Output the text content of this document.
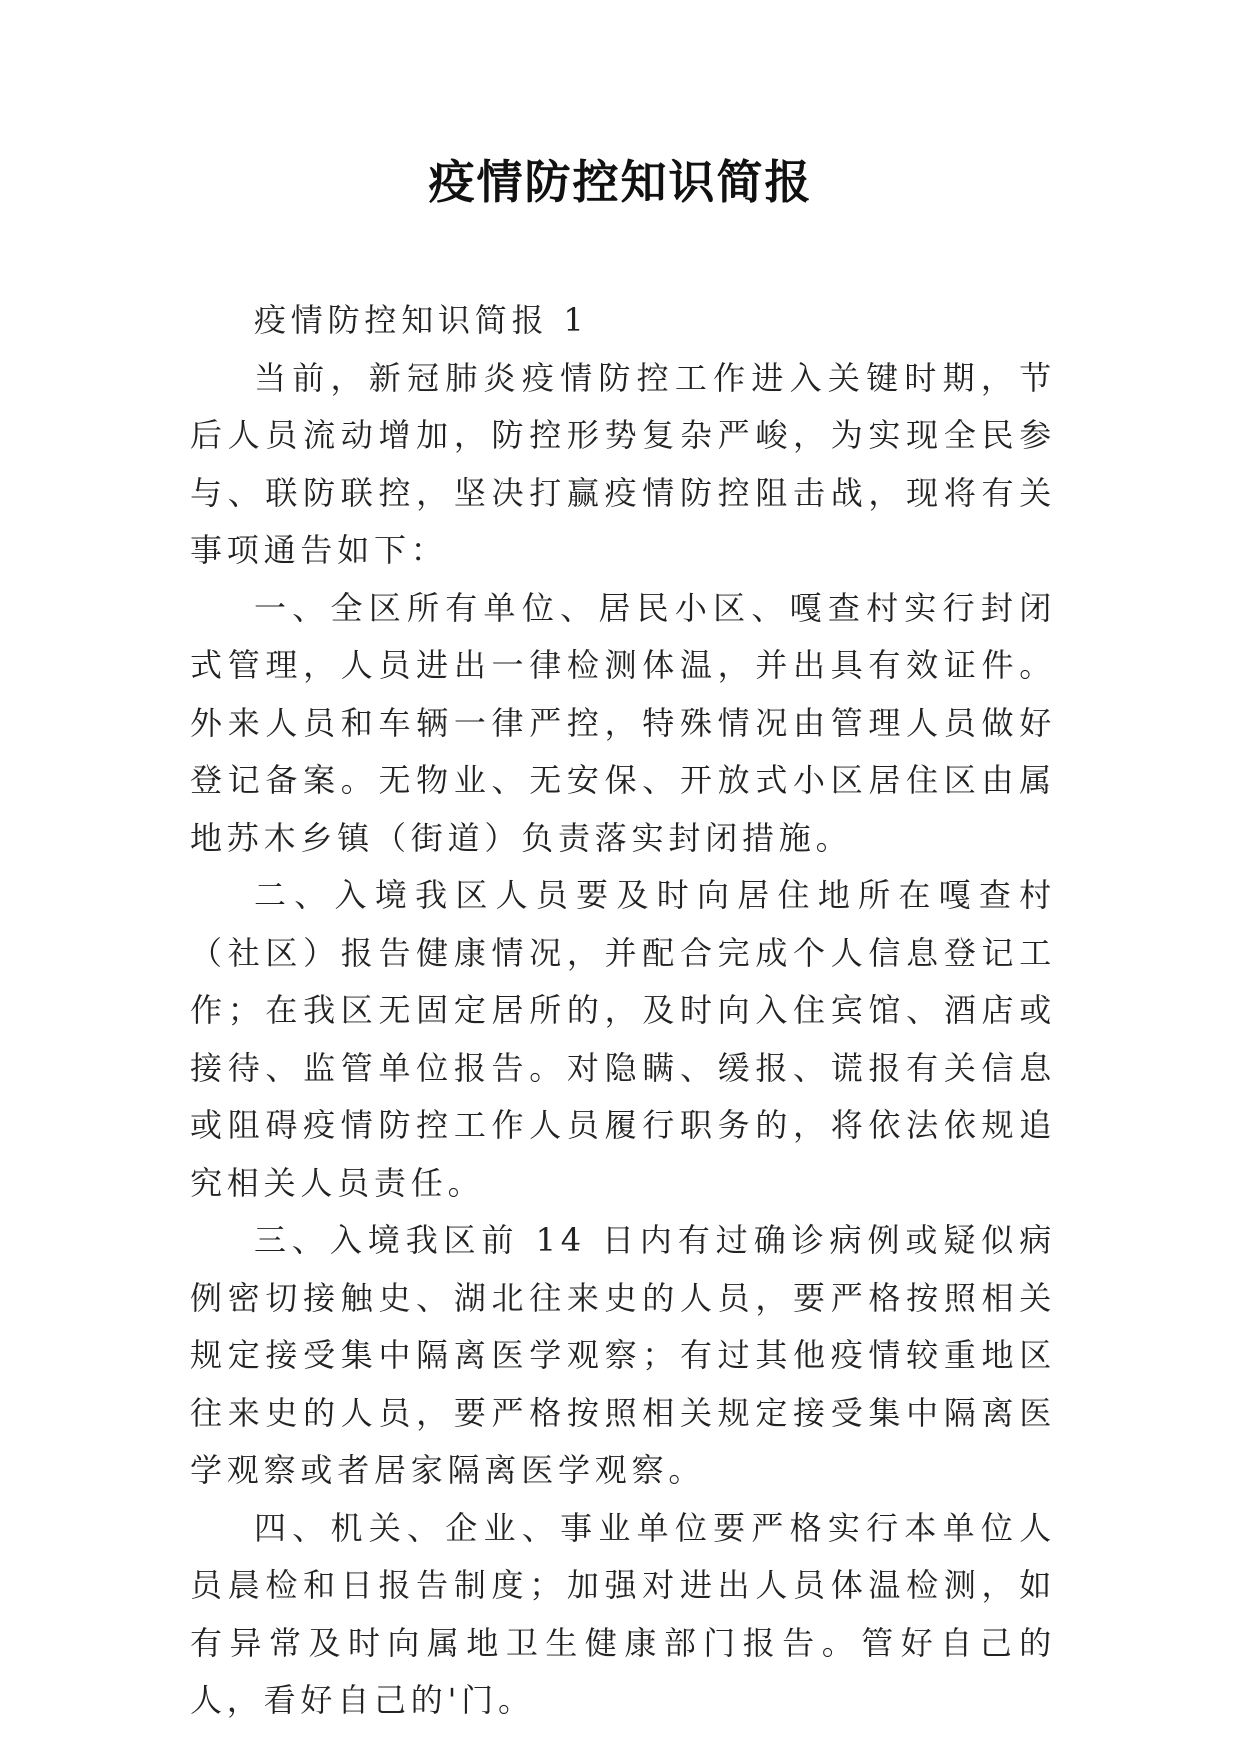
疫情防控知识简报

疫情防控知识简报 1

当前，新冠肺炎疫情防控工作进入关键时期，节后人员流动增加，防控形势复杂严峻，为实现全民参与、联防联控，坚决打赢疫情防控阻击战，现将有关事项通告如下：

一、全区所有单位、居民小区、嘎查村实行封闭式管理，人员进出一律检测体温，并出具有效证件。外来人员和车辆一律严控，特殊情况由管理人员做好登记备案。无物业、无安保、开放式小区居住区由属地苏木乡镇（街道）负责落实封闭措施。

二、入境我区人员要及时向居住地所在嘎查村（社区）报告健康情况，并配合完成个人信息登记工作；在我区无固定居所的，及时向入住宾馆、酒店或接待、监管单位报告。对隐瞒、缓报、谎报有关信息或阻碍疫情防控工作人员履行职务的，将依法依规追究相关人员责任。

三、入境我区前 14 日内有过确诊病例或疑似病例密切接触史、湖北往来史的人员，要严格按照相关规定接受集中隔离医学观察；有过其他疫情较重地区往来史的人员，要严格按照相关规定接受集中隔离医学观察或者居家隔离医学观察。

四、机关、企业、事业单位要严格实行本单位人员晨检和日报告制度；加强对进出人员体温检测，如有异常及时向属地卫生健康部门报告。管好自己的人，看好自己的'门。
